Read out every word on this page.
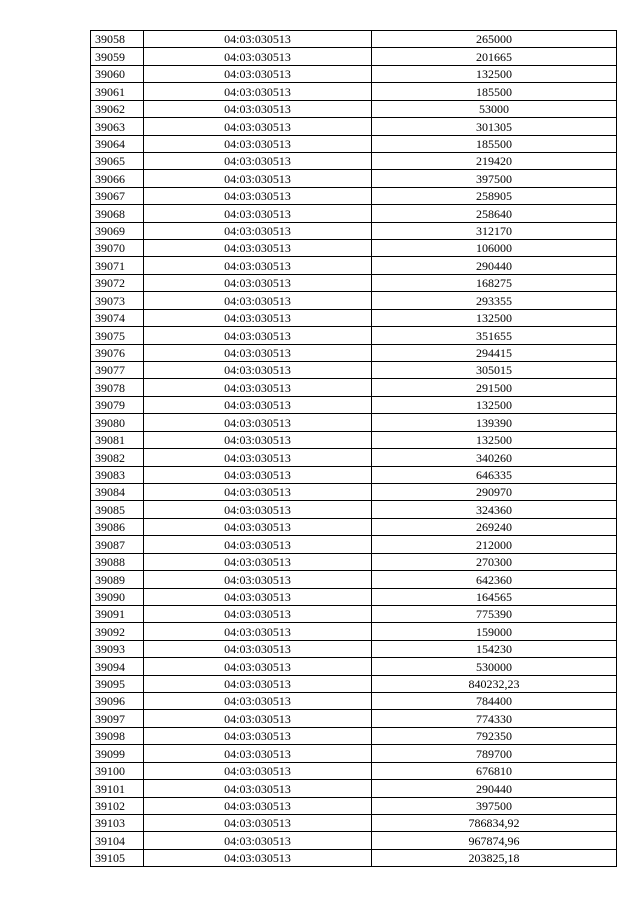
39058	04:03:030513	265000
39059	04:03:030513	201665
39060	04:03:030513	132500
39061	04:03:030513	185500
39062	04:03:030513	53000
39063	04:03:030513	301305
39064	04:03:030513	185500
39065	04:03:030513	219420
39066	04:03:030513	397500
39067	04:03:030513	258905
39068	04:03:030513	258640
39069	04:03:030513	312170
39070	04:03:030513	106000
39071	04:03:030513	290440
39072	04:03:030513	168275
39073	04:03:030513	293355
39074	04:03:030513	132500
39075	04:03:030513	351655
39076	04:03:030513	294415
39077	04:03:030513	305015
39078	04:03:030513	291500
39079	04:03:030513	132500
39080	04:03:030513	139390
39081	04:03:030513	132500
39082	04:03:030513	340260
39083	04:03:030513	646335
39084	04:03:030513	290970
39085	04:03:030513	324360
39086	04:03:030513	269240
39087	04:03:030513	212000
39088	04:03:030513	270300
39089	04:03:030513	642360
39090	04:03:030513	164565
39091	04:03:030513	775390
39092	04:03:030513	159000
39093	04:03:030513	154230
39094	04:03:030513	530000
39095	04:03:030513	840232,23
39096	04:03:030513	784400
39097	04:03:030513	774330
39098	04:03:030513	792350
39099	04:03:030513	789700
39100	04:03:030513	676810
39101	04:03:030513	290440
39102	04:03:030513	397500
39103	04:03:030513	786834,92
39104	04:03:030513	967874,96
39105	04:03:030513	203825,18
